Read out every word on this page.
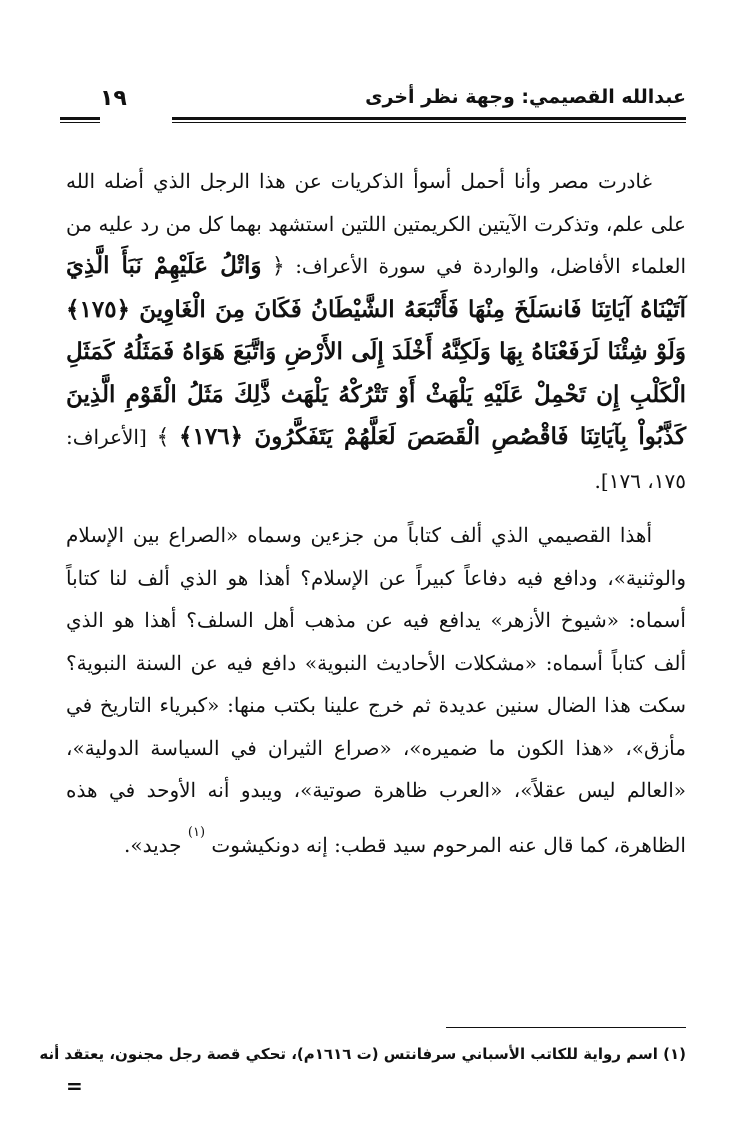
عبدالله القصيمي: وجهة نظر أخرى
١٩

غادرت مصر وأنا أحمل أسوأ الذكريات عن هذا الرجل الذي أضله الله على علم، وتذكرت الآيتين الكريمتين اللتين استشهد بهما كل من رد عليه من العلماء الأفاضل، والواردة في سورة الأعراف: ﴿ وَاتْلُ عَلَيْهِمْ نَبَأَ الَّذِيَ آتَيْنَاهُ آيَاتِنَا فَانسَلَخَ مِنْهَا فَأَتْبَعَهُ الشَّيْطَانُ فَكَانَ مِنَ الْغَاوِينَ ﴿١٧٥﴾ وَلَوْ شِئْنَا لَرَفَعْنَاهُ بِهَا وَلَكِنَّهُ أَخْلَدَ إِلَى الأَرْضِ وَاتَّبَعَ هَوَاهُ فَمَثَلُهُ كَمَثَلِ الْكَلْبِ إِن تَحْمِلْ عَلَيْهِ يَلْهَثْ أَوْ تَتْرُكْهُ يَلْهَث ذَّلِكَ مَثَلُ الْقَوْمِ الَّذِينَ كَذَّبُواْ بِآيَاتِنَا فَاقْصُصِ الْقَصَصَ لَعَلَّهُمْ يَتَفَكَّرُونَ ﴿١٧٦﴾ ﴾ [الأعراف: ١٧٥، ١٧٦].

أهذا القصيمي الذي ألف كتاباً من جزءين وسماه «الصراع بين الإسلام والوثنية»، ودافع فيه دفاعاً كبيراً عن الإسلام؟ أهذا هو الذي ألف لنا كتاباً أسماه: «شيوخ الأزهر» يدافع فيه عن مذهب أهل السلف؟ أهذا هو الذي ألف كتاباً أسماه: «مشكلات الأحاديث النبوية» دافع فيه عن السنة النبوية؟ سكت هذا الضال سنين عديدة ثم خرج علينا بكتب منها: «كبرياء التاريخ في مأزق»، «هذا الكون ما ضميره»، «صراع الثيران في السياسة الدولية»، «العالم ليس عقلاً»، «العرب ظاهرة صوتية»، ويبدو أنه الأوحد في هذه الظاهرة، كما قال عنه المرحوم سيد قطب: إنه دونكيشوت $^{(١)}$ جديد».

(١) اسم رواية للكاتب الأسباني سرفانتس (ت ١٦١٦م)، تحكي قصة رجل مجنون، يعتقد أنه
=
